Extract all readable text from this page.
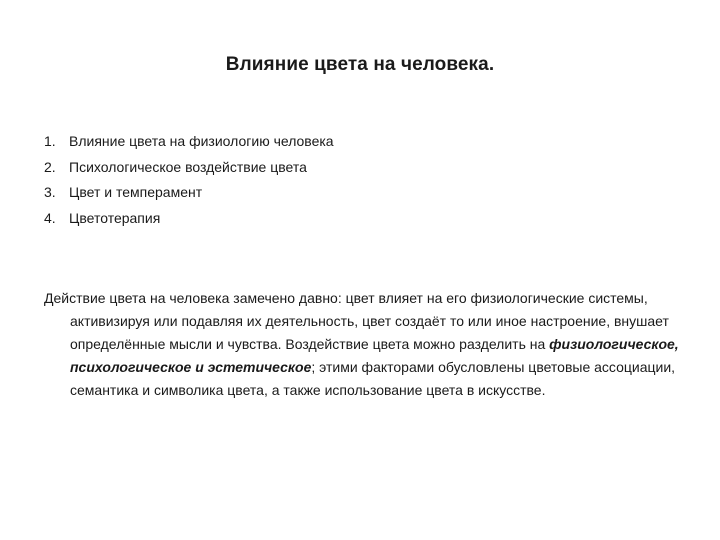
Влияние цвета на человека.
1. Влияние цвета на физиологию человека
2. Психологическое воздействие цвета
3. Цвет и темперамент
4. Цветотерапия

Действие цвета на человека замечено давно: цвет влияет на его физиологические системы, активизируя или подавляя их деятельность, цвет создаёт то или иное настроение, внушает определённые мысли и чувства. Воздействие цвета можно разделить на физиологическое, психологическое и эстетическое; этими факторами обусловлены цветовые ассоциации, семантика и символика цвета, а также использование цвета в искусстве.
